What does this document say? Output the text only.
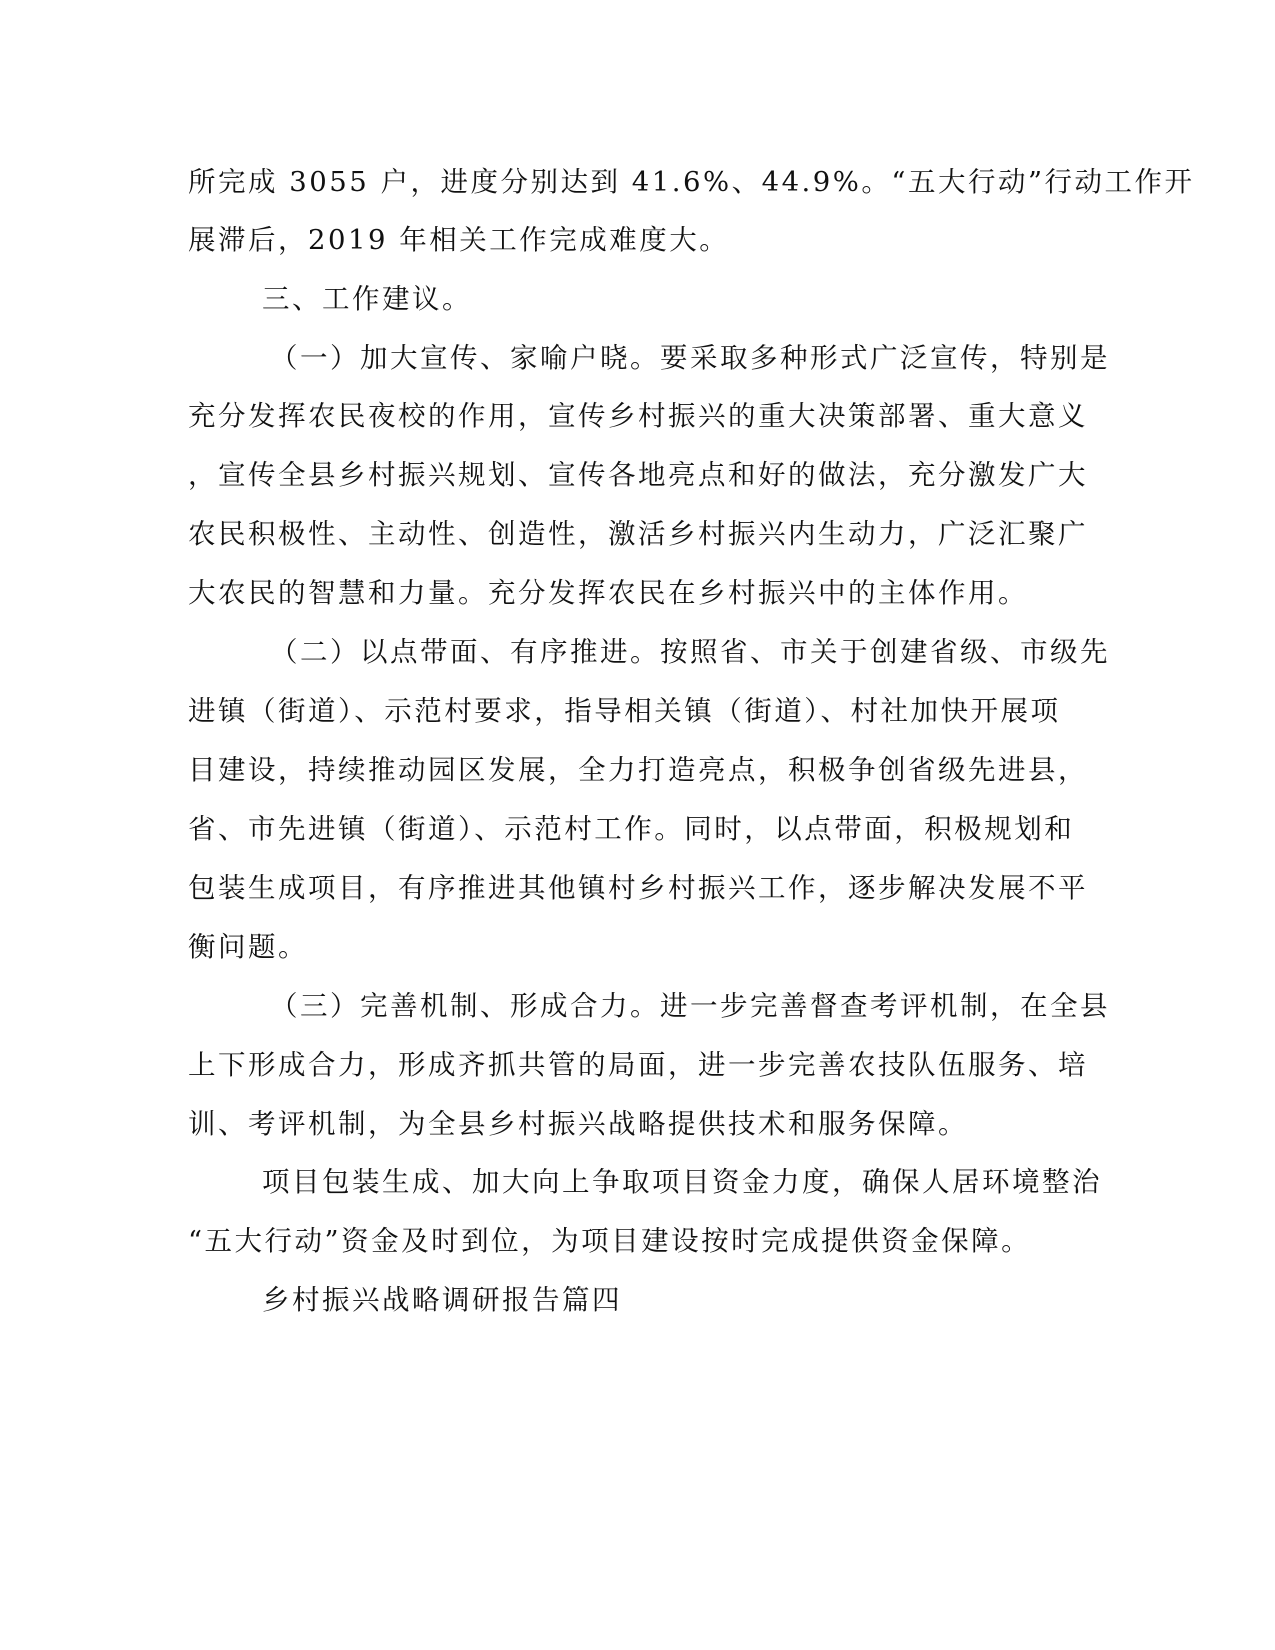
所完成 3055 户，进度分别达到 41.6%、44.9%。“五大行动”行动工作开
展滞后，2019 年相关工作完成难度大。
三、工作建议。
（一）加大宣传、家喻户晓。要采取多种形式广泛宣传，特别是
充分发挥农民夜校的作用，宣传乡村振兴的重大决策部署、重大意义
，宣传全县乡村振兴规划、宣传各地亮点和好的做法，充分激发广大
农民积极性、主动性、创造性，激活乡村振兴内生动力，广泛汇聚广
大农民的智慧和力量。充分发挥农民在乡村振兴中的主体作用。
（二）以点带面、有序推进。按照省、市关于创建省级、市级先
进镇（街道）、示范村要求，指导相关镇（街道）、村社加快开展项
目建设，持续推动园区发展，全力打造亮点，积极争创省级先进县，
省、市先进镇（街道）、示范村工作。同时，以点带面，积极规划和
包装生成项目，有序推进其他镇村乡村振兴工作，逐步解决发展不平
衡问题。
（三）完善机制、形成合力。进一步完善督查考评机制，在全县
上下形成合力，形成齐抓共管的局面，进一步完善农技队伍服务、培
训、考评机制，为全县乡村振兴战略提供技术和服务保障。
项目包装生成、加大向上争取项目资金力度，确保人居环境整治
“五大行动”资金及时到位，为项目建设按时完成提供资金保障。
乡村振兴战略调研报告篇四
